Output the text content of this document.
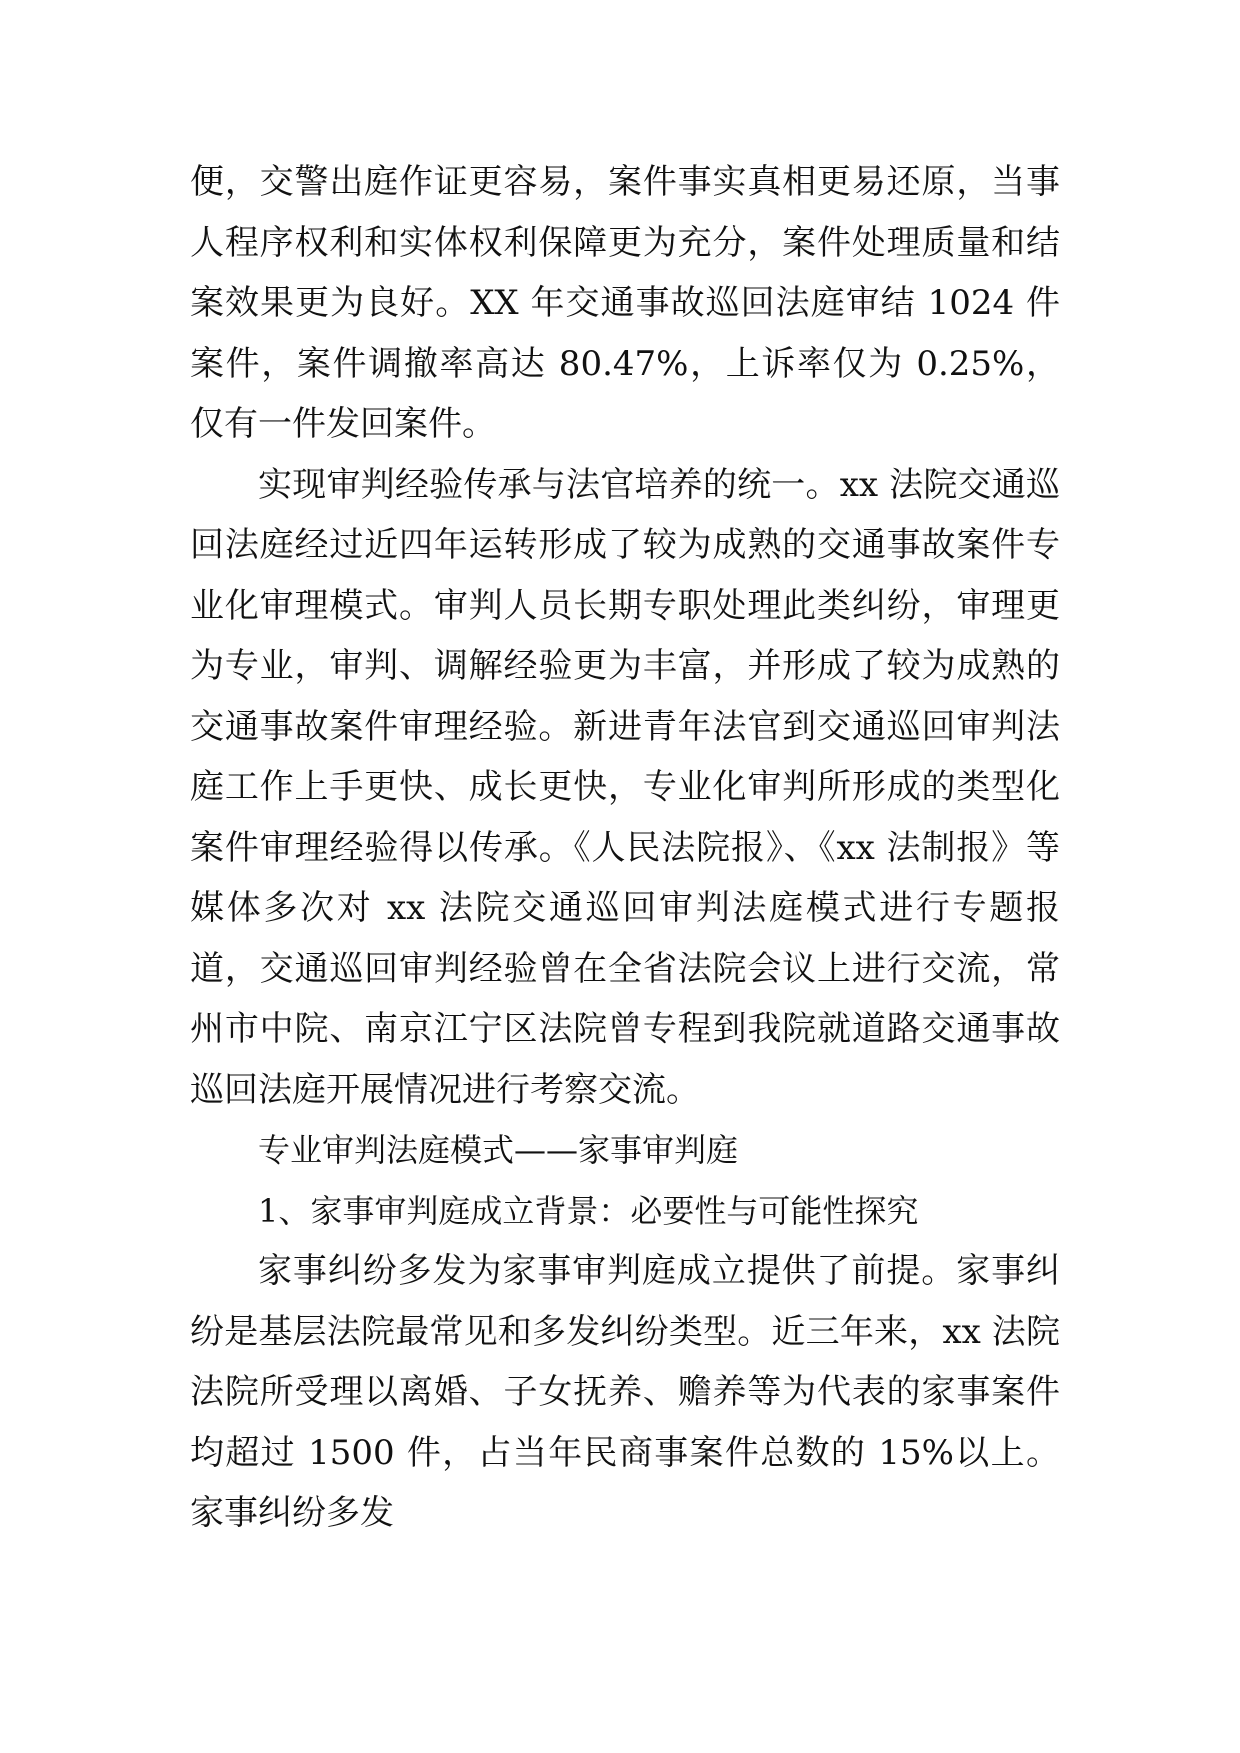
便，交警出庭作证更容易，案件事实真相更易还原，当事人程序权利和实体权利保障更为充分，案件处理质量和结案效果更为良好。XX 年交通事故巡回法庭审结 1024 件案件，案件调撤率高达 80.47%，上诉率仅为 0.25%，仅有一件发回案件。

实现审判经验传承与法官培养的统一。xx 法院交通巡回法庭经过近四年运转形成了较为成熟的交通事故案件专业化审理模式。审判人员长期专职处理此类纠纷，审理更为专业，审判、调解经验更为丰富，并形成了较为成熟的交通事故案件审理经验。新进青年法官到交通巡回审判法庭工作上手更快、成长更快，专业化审判所形成的类型化案件审理经验得以传承。《人民法院报》、《xx 法制报》等媒体多次对 xx 法院交通巡回审判法庭模式进行专题报道，交通巡回审判经验曾在全省法院会议上进行交流，常州市中院、南京江宁区法院曾专程到我院就道路交通事故巡回法庭开展情况进行考察交流。

专业审判法庭模式——家事审判庭

1、家事审判庭成立背景：必要性与可能性探究

家事纠纷多发为家事审判庭成立提供了前提。家事纠纷是基层法院最常见和多发纠纷类型。近三年来，xx 法院法院所受理以离婚、子女抚养、赡养等为代表的家事案件均超过 1500 件，占当年民商事案件总数的 15%以上。家事纠纷多发
